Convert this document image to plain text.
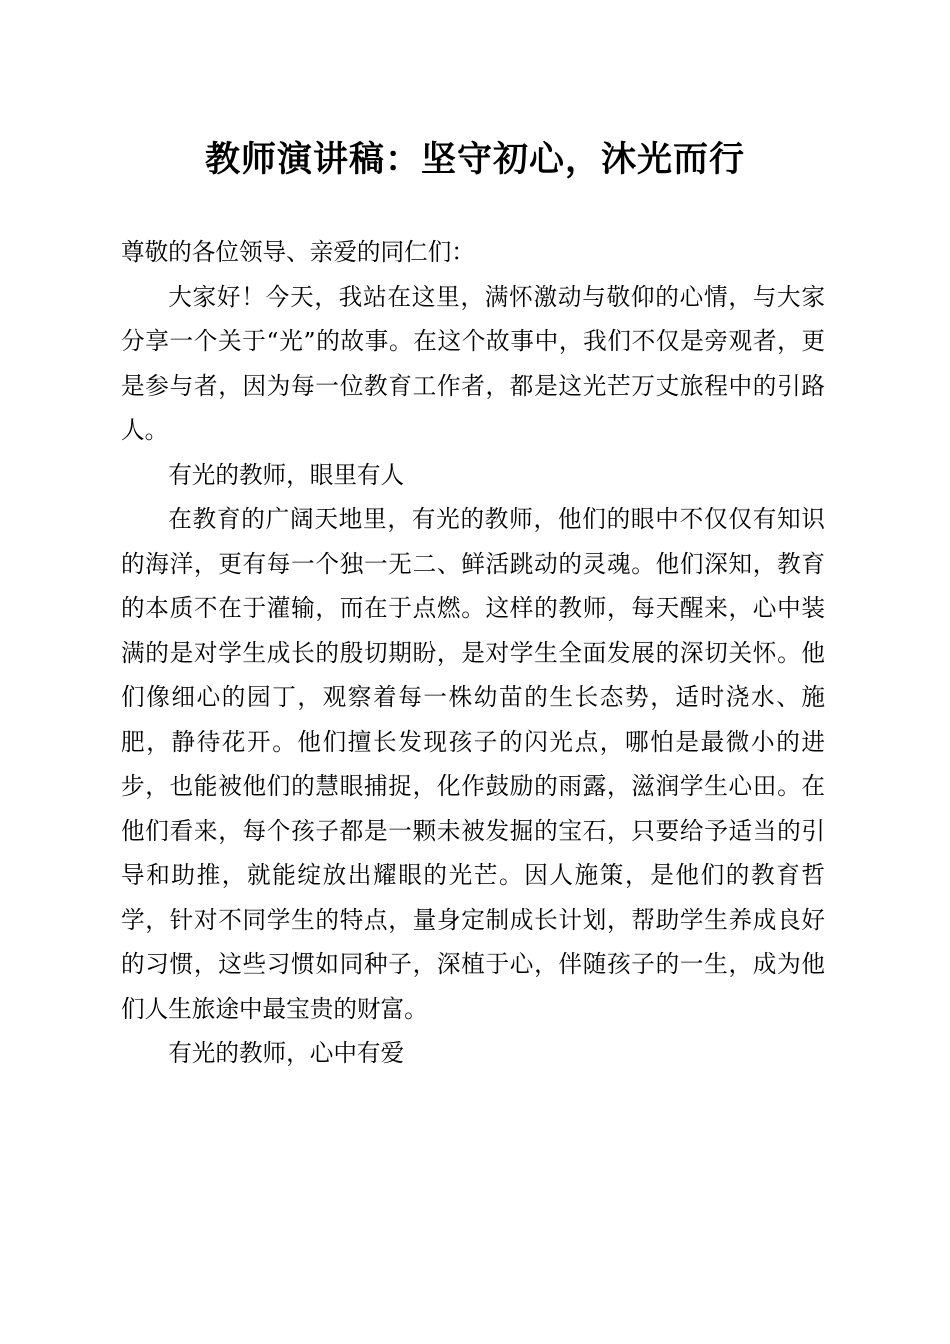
教师演讲稿：坚守初心，沐光而行

尊敬的各位领导、亲爱的同仁们：

大家好！今天，我站在这里，满怀激动与敬仰的心情，与大家分享一个关于“光”的故事。在这个故事中，我们不仅是旁观者，更是参与者，因为每一位教育工作者，都是这光芒万丈旅程中的引路人。

有光的教师，眼里有人

在教育的广阔天地里，有光的教师，他们的眼中不仅仅有知识的海洋，更有每一个独一无二、鲜活跳动的灵魂。他们深知，教育的本质不在于灌输，而在于点燃。这样的教师，每天醒来，心中装满的是对学生成长的殷切期盼，是对学生全面发展的深切关怀。他们像细心的园丁，观察着每一株幼苗的生长态势，适时浇水、施肥，静待花开。他们擅长发现孩子的闪光点，哪怕是最微小的进步，也能被他们的慧眼捕捉，化作鼓励的雨露，滋润学生心田。在他们看来，每个孩子都是一颗未被发掘的宝石，只要给予适当的引导和助推，就能绽放出耀眼的光芒。因人施策，是他们的教育哲学，针对不同学生的特点，量身定制成长计划，帮助学生养成良好的习惯，这些习惯如同种子，深植于心，伴随孩子的一生，成为他们人生旅途中最宝贵的财富。

有光的教师，心中有爱
